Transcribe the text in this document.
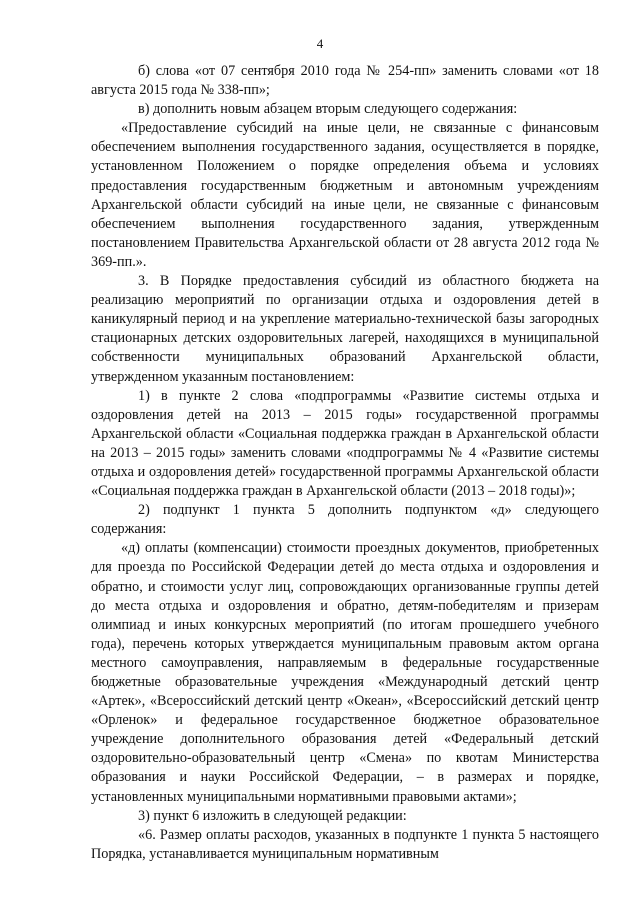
4

б) слова «от 07 сентября 2010 года № 254-пп» заменить словами «от 18 августа 2015 года № 338-пп»;

в) дополнить новым абзацем вторым следующего содержания:

«Предоставление субсидий на иные цели, не связанные с финансовым обеспечением выполнения государственного задания, осуществляется в порядке, установленном Положением о порядке определения объема и условиях предоставления государственным бюджетным и автономным учреждениям Архангельской области субсидий на иные цели, не связанные с финансовым обеспечением выполнения государственного задания, утвержденным постановлением Правительства Архангельской области от 28 августа 2012 года № 369-пп.».

3. В Порядке предоставления субсидий из областного бюджета на реализацию мероприятий по организации отдыха и оздоровления детей в каникулярный период и на укрепление материально-технической базы загородных стационарных детских оздоровительных лагерей, находящихся в муниципальной собственности муниципальных образований Архангельской области, утвержденном указанным постановлением:

1) в пункте 2 слова «подпрограммы «Развитие системы отдыха и оздоровления детей на 2013 – 2015 годы» государственной программы Архангельской области «Социальная поддержка граждан в Архангельской области на 2013 – 2015 годы» заменить словами «подпрограммы № 4 «Развитие системы отдыха и оздоровления детей» государственной программы Архангельской области «Социальная поддержка граждан в Архангельской области (2013 – 2018 годы)»;

2) подпункт 1 пункта 5 дополнить подпунктом «д» следующего содержания:

«д) оплаты (компенсации) стоимости проездных документов, приобретенных для проезда по Российской Федерации детей до места отдыха и оздоровления и обратно, и стоимости услуг лиц, сопровождающих организованные группы детей до места отдыха и оздоровления и обратно, детям-победителям и призерам олимпиад и иных конкурсных мероприятий (по итогам прошедшего учебного года), перечень которых утверждается муниципальным правовым актом органа местного самоуправления, направляемым в федеральные государственные бюджетные образовательные учреждения «Международный детский центр «Артек», «Всероссийский детский центр «Океан», «Всероссийский детский центр «Орленок» и федеральное государственное бюджетное образовательное учреждение дополнительного образования детей «Федеральный детский оздоровительно-образовательный центр «Смена» по квотам Министерства образования и науки Российской Федерации, – в размерах и порядке, установленных муниципальными нормативными правовыми актами»;

3) пункт 6 изложить в следующей редакции:

«6. Размер оплаты расходов, указанных в подпункте 1 пункта 5 настоящего Порядка, устанавливается муниципальным нормативным
